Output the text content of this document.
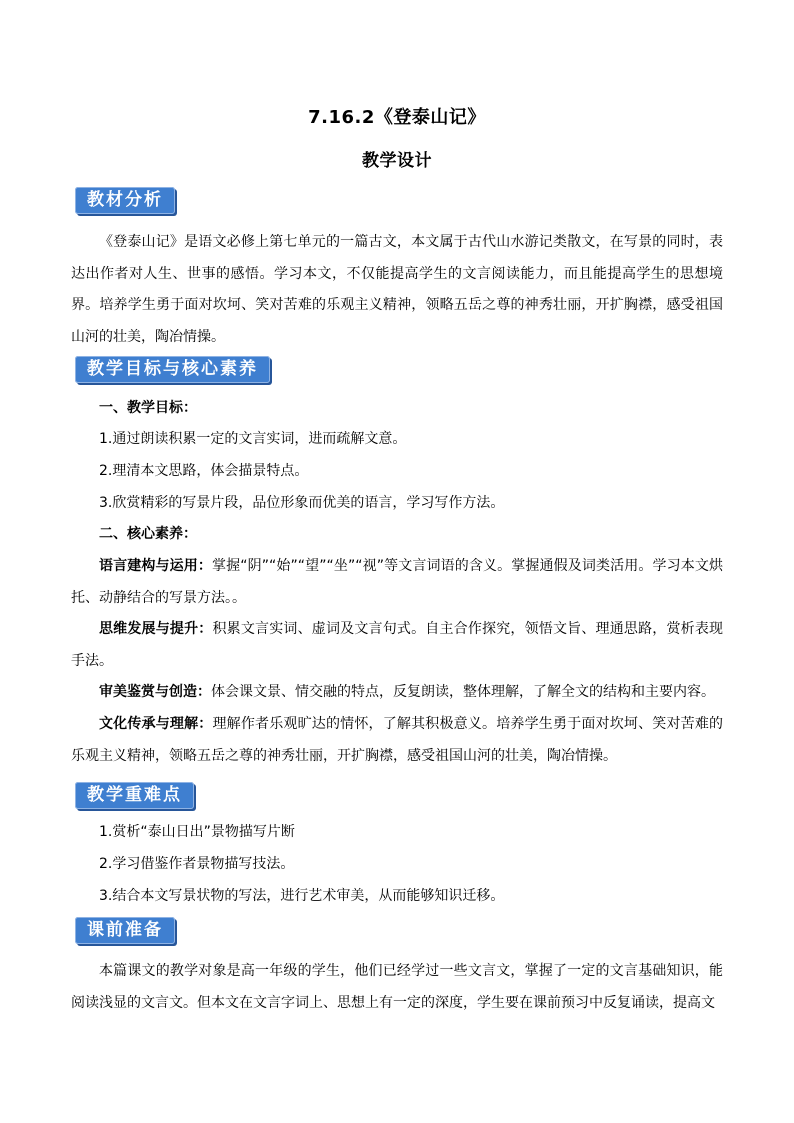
7.16.2《登泰山记》
教学设计
教材分析

《登泰山记》是语文必修上第七单元的一篇古文，本文属于古代山水游记类散文，在写景的同时，表达出作者对人生、世事的感悟。学习本文，不仅能提高学生的文言阅读能力，而且能提高学生的思想境界。培养学生勇于面对坎坷、笑对苦难的乐观主义精神，领略五岳之尊的神秀壮丽，开扩胸襟，感受祖国山河的壮美，陶冶情操。

教学目标与核心素养
一、教学目标：
1.通过朗读积累一定的文言实词，进而疏解文意。
2.理清本文思路，体会描景特点。
3.欣赏精彩的写景片段，品位形象而优美的语言，学习写作方法。
二、核心素养：

语言建构与运用：掌握“阴”“始”“望”“坐”“视”等文言词语的含义。掌握通假及词类活用。学习本文烘托、动静结合的写景方法。。

思维发展与提升：积累文言实词、虚词及文言句式。自主合作探究，领悟文旨、理通思路，赏析表现手法。

审美鉴赏与创造：体会课文景、情交融的特点，反复朗读，整体理解，了解全文的结构和主要内容。

文化传承与理解：理解作者乐观旷达的情怀，了解其积极意义。培养学生勇于面对坎坷、笑对苦难的乐观主义精神，领略五岳之尊的神秀壮丽，开扩胸襟，感受祖国山河的壮美，陶冶情操。

教学重难点
1.赏析“泰山日出”景物描写片断
2.学习借鉴作者景物描写技法。
3.结合本文写景状物的写法，进行艺术审美，从而能够知识迁移。
课前准备

本篇课文的教学对象是高一年级的学生，他们已经学过一些文言文，掌握了一定的文言基础知识，能阅读浅显的文言文。但本文在文言字词上、思想上有一定的深度，学生要在课前预习中反复诵读，提高文
